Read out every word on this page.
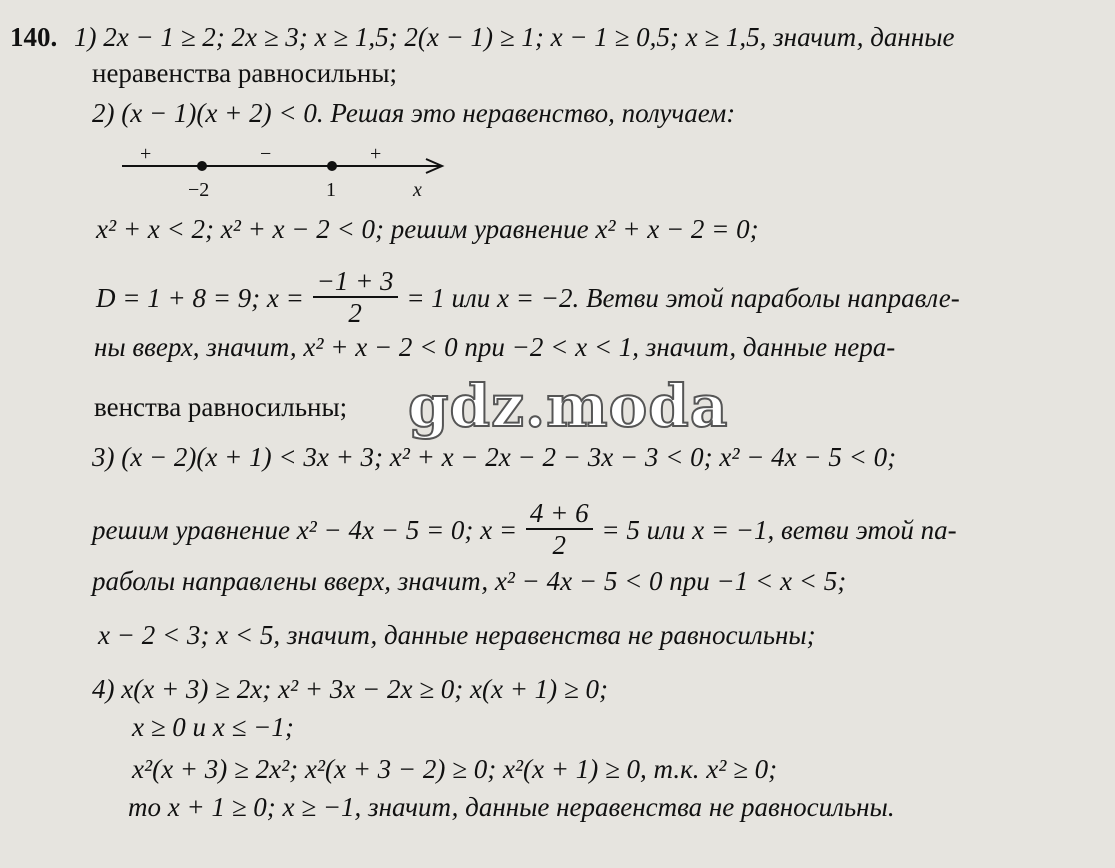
140. 1) 2x − 1 ≥ 2; 2x ≥ 3; x ≥ 1,5; 2(x − 1) ≥ 1; x − 1 ≥ 0,5; x ≥ 1,5, значит, данные
неравенства равносильны;
2) (x − 1)(x + 2) < 0. Решая это неравенство, получаем:
+	−	+
−2	1	x
x² + x < 2; x² + x − 2 < 0; решим уравнение x² + x − 2 = 0;
D = 1 + 8 = 9; $x = \frac{-1 + 3}{2} = 1$ или x = −2. Ветви этой параболы направле-
ны вверх, значит, x² + x − 2 < 0 при −2 < x < 1, значит, данные нера-
венства равносильны;
3) (x − 2)(x + 1) < 3x + 3; x² + x − 2x − 2 − 3x − 3 < 0; x² − 4x − 5 < 0;
решим уравнение x² − 4x − 5 = 0; $x = \frac{4 + 6}{2} = 5$ или x = −1, ветви этой па-
раболы направлены вверх, значит, x² − 4x − 5 < 0 при −1 < x < 5;
x − 2 < 3; x < 5, значит, данные неравенства не равносильны;
4) x(x + 3) ≥ 2x; x² + 3x − 2x ≥ 0; x(x + 1) ≥ 0;
x ≥ 0 и x ≤ −1;
x²(x + 3) ≥ 2x²; x²(x + 3 − 2) ≥ 0; x²(x + 1) ≥ 0, т.к. x² ≥ 0;
то x + 1 ≥ 0; x ≥ −1, значит, данные неравенства не равносильны.
gdz.moda
